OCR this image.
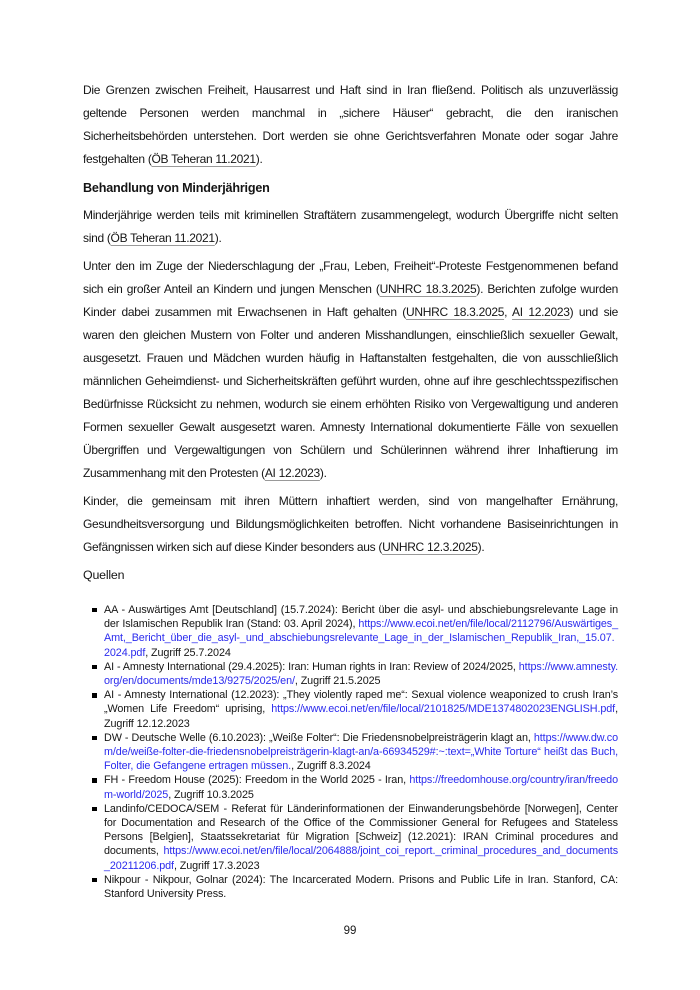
Die Grenzen zwischen Freiheit, Hausarrest und Haft sind in Iran fließend. Politisch als unzuverlässig geltende Personen werden manchmal in „sichere Häuser“ gebracht, die den iranischen Sicherheitsbehörden unterstehen. Dort werden sie ohne Gerichtsverfahren Monate oder sogar Jahre festgehalten (ÖB Teheran 11.2021).

Behandlung von Minderjährigen

Minderjährige werden teils mit kriminellen Straftätern zusammengelegt, wodurch Übergriffe nicht selten sind (ÖB Teheran 11.2021).

Unter den im Zuge der Niederschlagung der „Frau, Leben, Freiheit“-Proteste Festgenommenen befand sich ein großer Anteil an Kindern und jungen Menschen (UNHRC 18.3.2025). Berichten zufolge wurden Kinder dabei zusammen mit Erwachsenen in Haft gehalten (UNHRC 18.3.2025, AI 12.2023) und sie waren den gleichen Mustern von Folter und anderen Misshandlungen, einschließlich sexueller Gewalt, ausgesetzt. Frauen und Mädchen wurden häufig in Haftanstalten festgehalten, die von ausschließlich männlichen Geheimdienst- und Sicherheitskräften geführt wurden, ohne auf ihre geschlechtsspezifischen Bedürfnisse Rücksicht zu nehmen, wodurch sie einem erhöhten Risiko von Vergewaltigung und anderen Formen sexueller Gewalt ausgesetzt waren. Amnesty International dokumentierte Fälle von sexuellen Übergriffen und Vergewaltigungen von Schülern und Schülerinnen während ihrer Inhaftierung im Zusammenhang mit den Protesten (AI 12.2023).

Kinder, die gemeinsam mit ihren Müttern inhaftiert werden, sind von mangelhafter Ernährung, Gesundheitsversorgung und Bildungsmöglichkeiten betroffen. Nicht vorhandene Basiseinrichtungen in Gefängnissen wirken sich auf diese Kinder besonders aus (UNHRC 12.3.2025).

Quellen

AA - Auswärtiges Amt [Deutschland] (15.7.2024): Bericht über die asyl- und abschiebungsrelevante Lage in der Islamischen Republik Iran (Stand: 03. April 2024), https://www.ecoi.net/en/file/local/2112796/Auswärtiges_Amt,_Bericht_über_die_asyl-_und_abschiebungsrelevante_Lage_in_der_Islamischen_Republik_Iran,_15.07.2024.pdf, Zugriff 25.7.2024
AI - Amnesty International (29.4.2025): Iran: Human rights in Iran: Review of 2024/2025, https://www.amnesty.org/en/documents/mde13/9275/2025/en/, Zugriff 21.5.2025
AI - Amnesty International (12.2023): „They violently raped me“: Sexual violence weaponized to crush Iran’s „Women Life Freedom“ uprising, https://www.ecoi.net/en/file/local/2101825/MDE1374802023ENGLISH.pdf, Zugriff 12.12.2023
DW - Deutsche Welle (6.10.2023): „Weiße Folter“: Die Friedensnobelpreisträgerin klagt an, https://www.dw.com/de/weiße-folter-die-friedensnobelpreisträgerin-klagt-an/a-66934529#:~:text=„White Torture“ heißt das Buch,Folter, die Gefangene ertragen müssen., Zugriff 8.3.2024
FH - Freedom House (2025): Freedom in the World 2025 - Iran, https://freedomhouse.org/country/iran/freedom-world/2025, Zugriff 10.3.2025
Landinfo/CEDOCA/SEM - Referat für Länderinformationen der Einwanderungsbehörde [Norwegen], Center for Documentation and Research of the Office of the Commissioner General for Refugees and Stateless Persons [Belgien], Staatssekretariat für Migration [Schweiz] (12.2021): IRAN Criminal procedures and documents, https://www.ecoi.net/en/file/local/2064888/joint_coi_report._criminal_procedures_and_documents_20211206.pdf, Zugriff 17.3.2023
Nikpour - Nikpour, Golnar (2024): The Incarcerated Modern. Prisons and Public Life in Iran. Stanford, CA: Stanford University Press.
99
